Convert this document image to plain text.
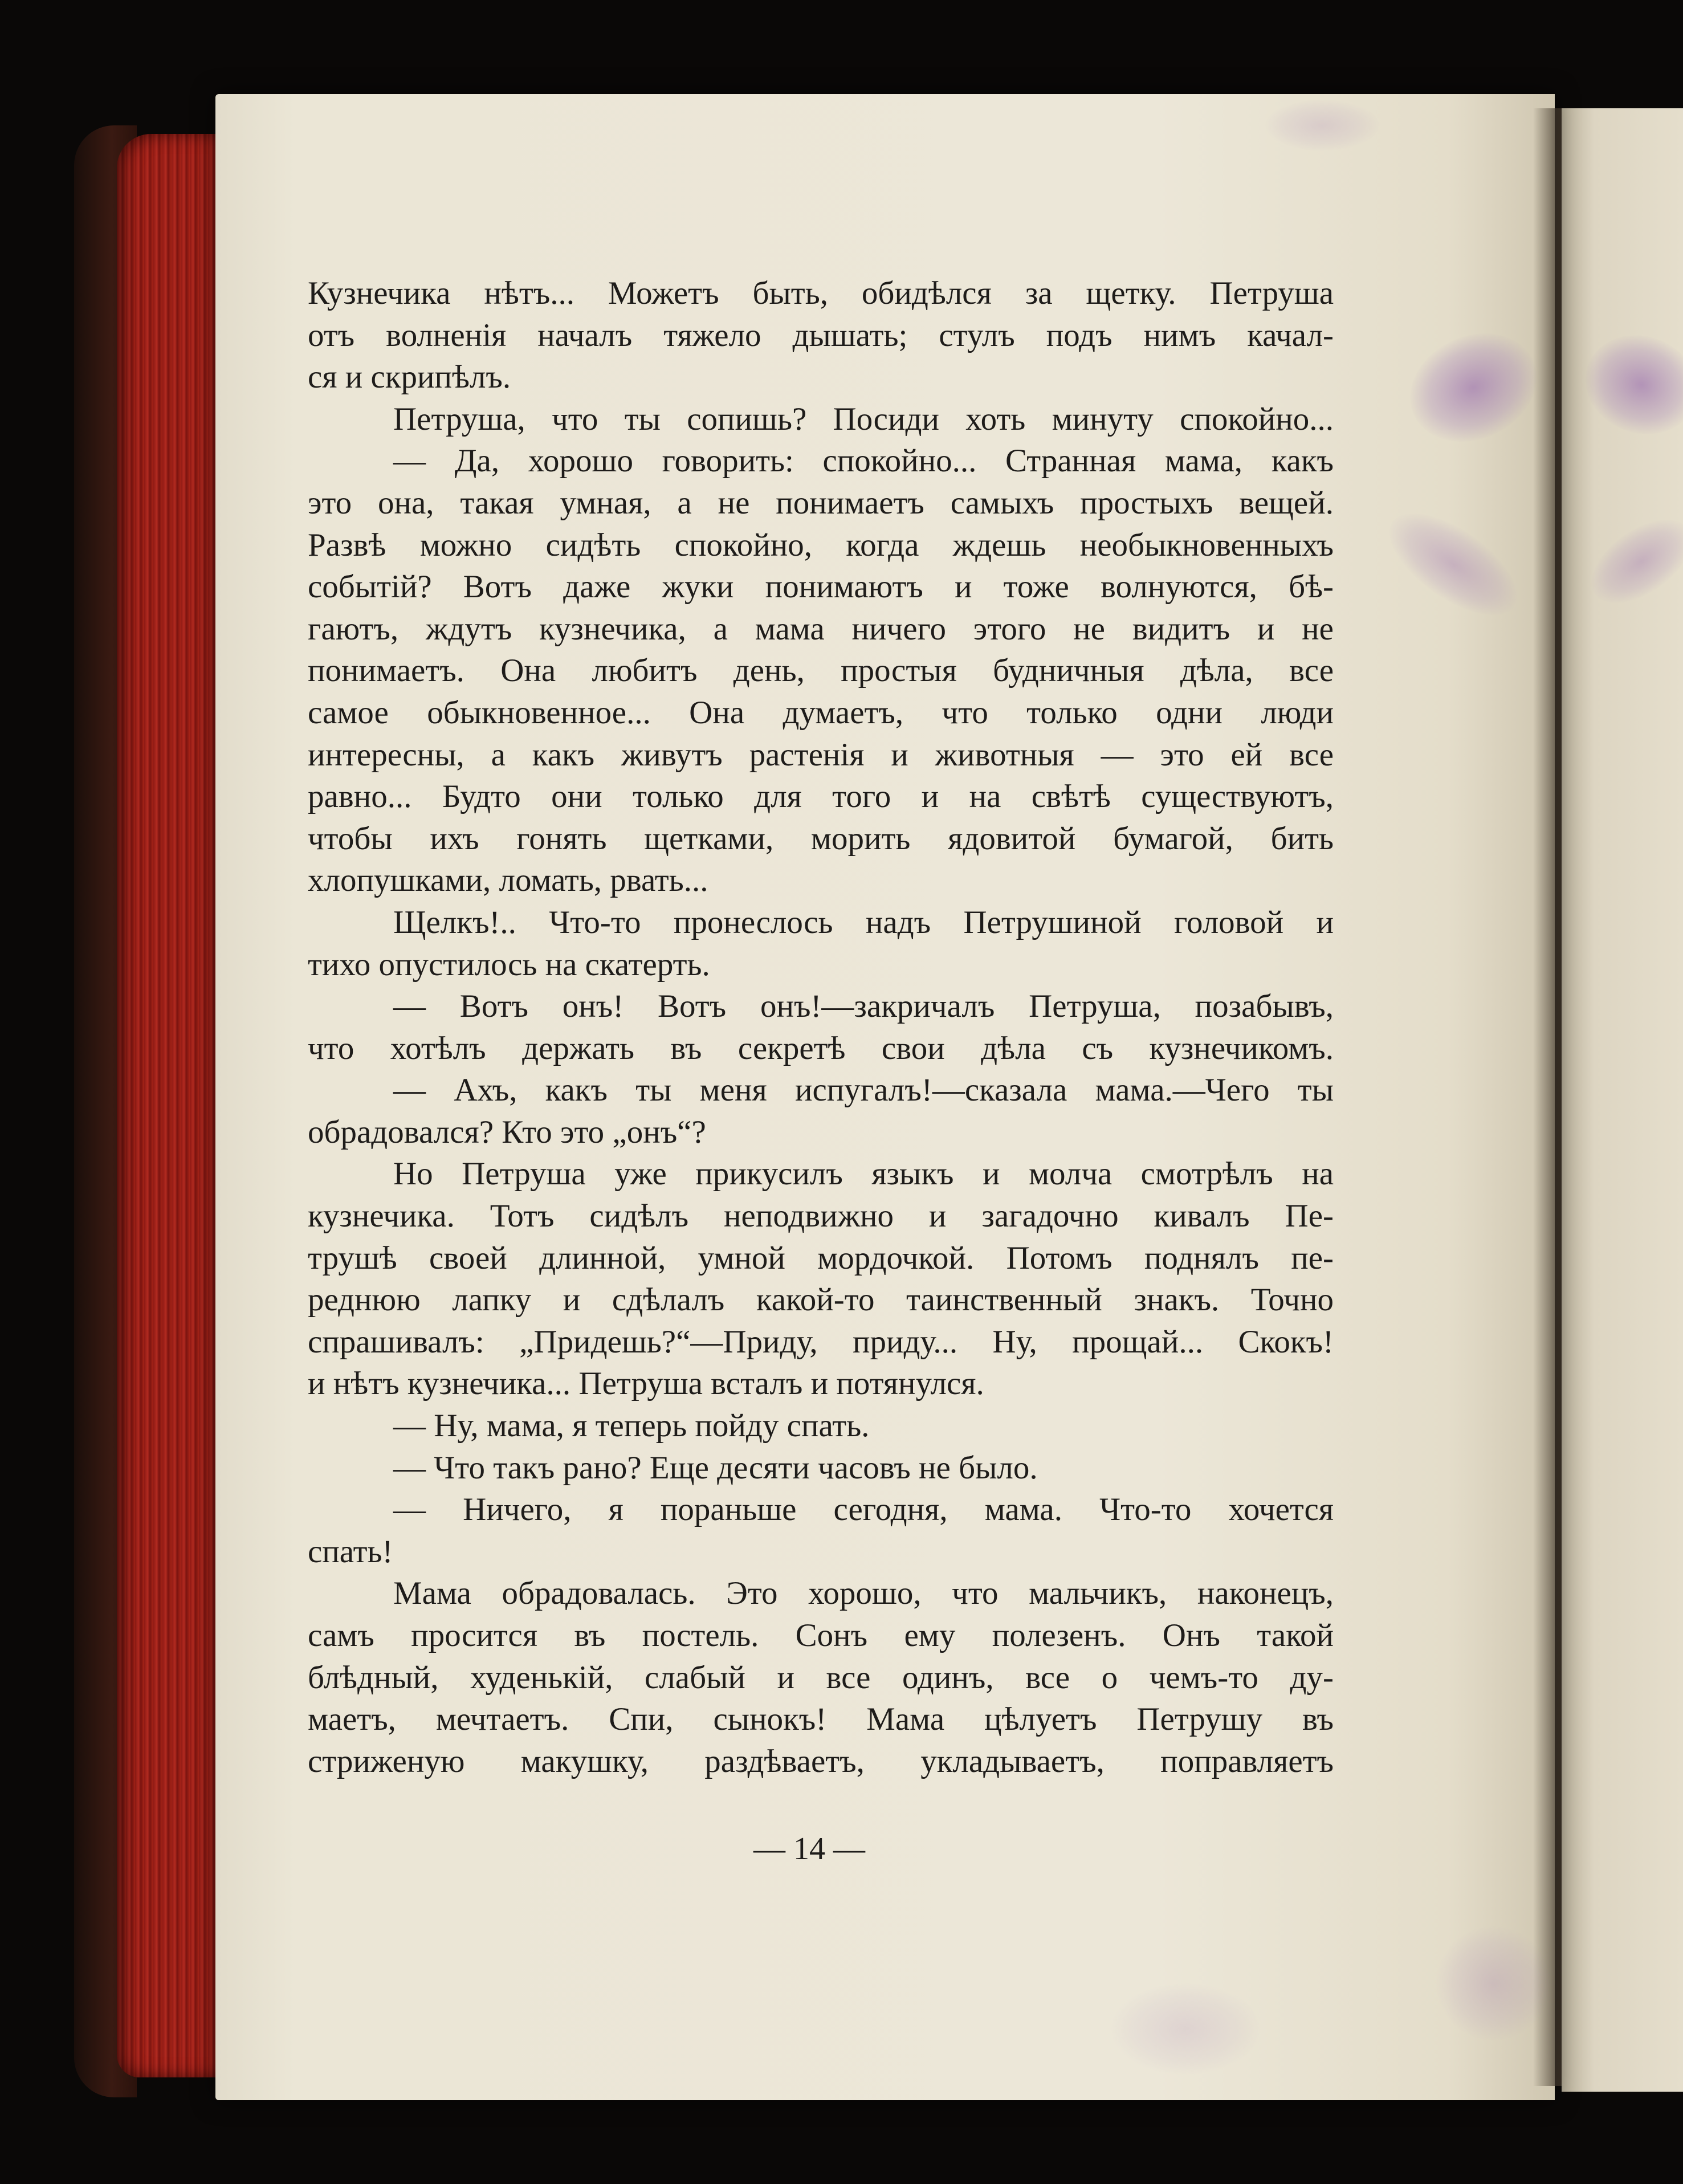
Кузнечика нѣтъ... Можетъ быть, обидѣлся за щетку. Петруша
отъ волненія началъ тяжело дышать; стулъ подъ нимъ качал-
ся и скрипѣлъ.
Петруша, что ты сопишь? Посиди хоть минуту спокойно...
— Да, хорошо говорить: спокойно... Странная мама, какъ
это она, такая умная, а не понимаетъ самыхъ простыхъ вещей.
Развѣ можно сидѣть спокойно, когда ждешь необыкновенныхъ
событій? Вотъ даже жуки понимаютъ и тоже волнуются, бѣ-
гаютъ, ждутъ кузнечика, а мама ничего этого не видитъ и не
понимаетъ. Она любитъ день, простыя будничныя дѣла, все
самое обыкновенное... Она думаетъ, что только одни люди
интересны, а какъ живутъ растенія и животныя — это ей все
равно... Будто они только для того и на свѣтѣ существуютъ,
чтобы ихъ гонять щетками, морить ядовитой бумагой, бить
хлопушками, ломать, рвать...
Щелкъ!.. Что-то пронеслось надъ Петрушиной головой и
тихо опустилось на скатерть.
— Вотъ онъ! Вотъ онъ!—закричалъ Петруша, позабывъ,
что хотѣлъ держать въ секретѣ свои дѣла съ кузнечикомъ.
— Ахъ, какъ ты меня испугалъ!—сказала мама.—Чего ты
обрадовался? Кто это „онъ“?
Но Петруша уже прикусилъ языкъ и молча смотрѣлъ на
кузнечика. Тотъ сидѣлъ неподвижно и загадочно кивалъ Пе-
трушѣ своей длинной, умной мордочкой. Потомъ поднялъ пе-
реднюю лапку и сдѣлалъ какой-то таинственный знакъ. Точно
спрашивалъ: „Придешь?“—Приду, приду... Ну, прощай... Скокъ!
и нѣтъ кузнечика... Петруша всталъ и потянулся.
— Ну, мама, я теперь пойду спать.
— Что такъ рано? Еще десяти часовъ не было.
— Ничего, я пораньше сегодня, мама. Что-то хочется
спать!
Мама обрадовалась. Это хорошо, что мальчикъ, наконецъ,
самъ просится въ постель. Сонъ ему полезенъ. Онъ такой
блѣдный, худенькій, слабый и все одинъ, все о чемъ-то ду-
маетъ, мечтаетъ. Спи, сынокъ! Мама цѣлуетъ Петрушу въ
стриженую макушку, раздѣваетъ, укладываетъ, поправляетъ
— 14 —
